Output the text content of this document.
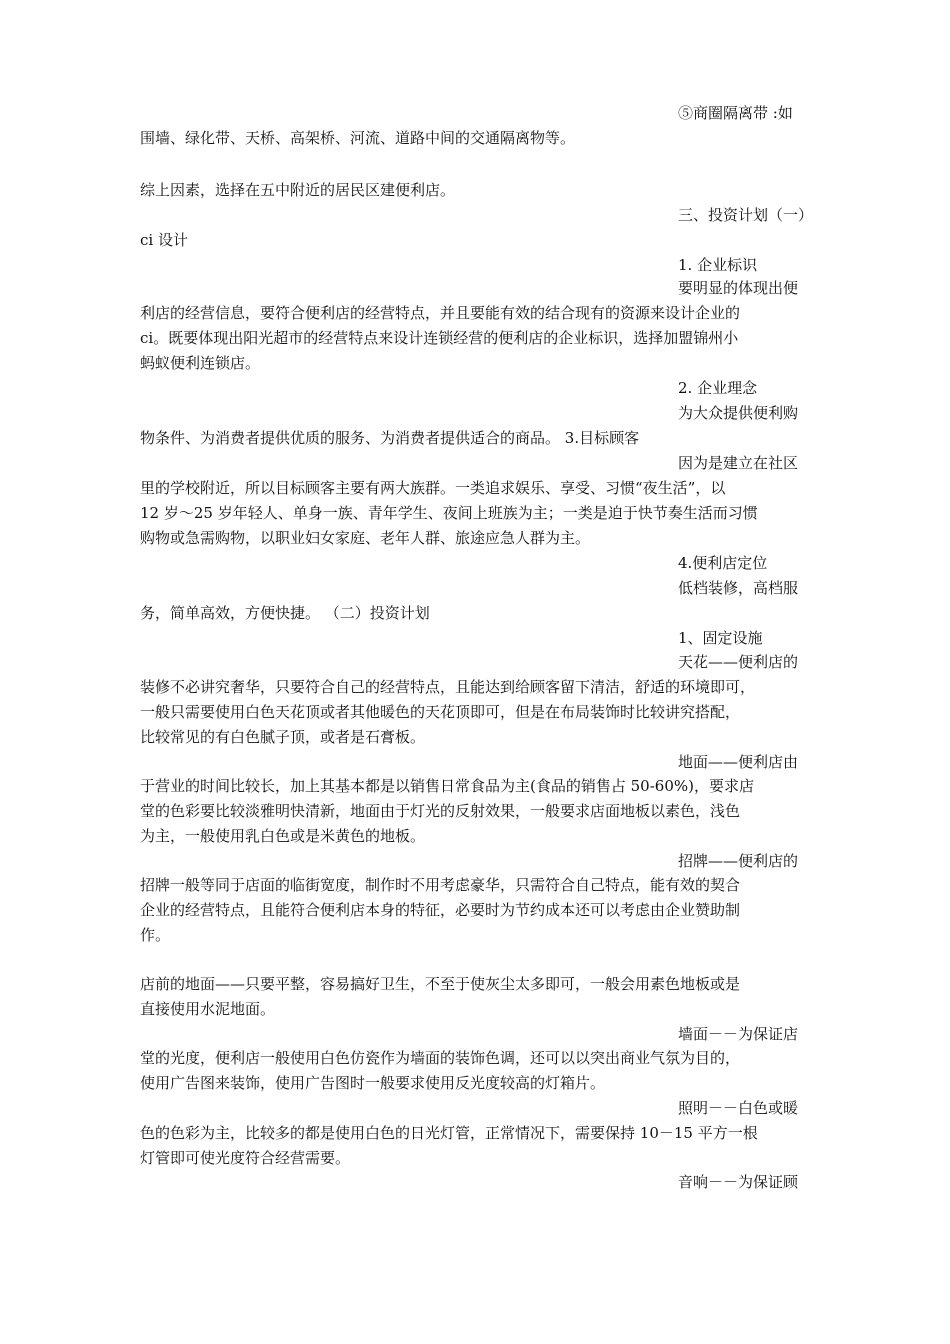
⑤商圈隔离带 :如
围墙、绿化带、天桥、高架桥、河流、道路中间的交通隔离物等。
综上因素，选择在五中附近的居民区建便利店。
三、投资计划（一）
ci 设计
1. 企业标识
要明显的体现出便
利店的经营信息，要符合便利店的经营特点，并且要能有效的结合现有的资源来设计企业的
ci。既要体现出阳光超市的经营特点来设计连锁经营的便利店的企业标识，选择加盟锦州小
蚂蚁便利连锁店。
2. 企业理念
为大众提供便利购
物条件、为消费者提供优质的服务、为消费者提供适合的商品。 3.目标顾客
因为是建立在社区
里的学校附近，所以目标顾客主要有两大族群。一类追求娱乐、享受、习惯“夜生活”，以
12 岁～25 岁年轻人、单身一族、青年学生、夜间上班族为主；一类是迫于快节奏生活而习惯
购物或急需购物，以职业妇女家庭、老年人群、旅途应急人群为主。
4.便利店定位
低档装修，高档服
务，简单高效，方便快捷。 （二）投资计划
1、固定设施
天花——便利店的
装修不必讲究奢华，只要符合自己的经营特点，且能达到给顾客留下清洁，舒适的环境即可，
一般只需要使用白色天花顶或者其他暖色的天花顶即可，但是在布局装饰时比较讲究搭配，
比较常见的有白色腻子顶，或者是石膏板。
地面——便利店由
于营业的时间比较长，加上其基本都是以销售日常食品为主(食品的销售占 50-60%)，要求店
堂的色彩要比较淡雅明快清新，地面由于灯光的反射效果，一般要求店面地板以素色，浅色
为主，一般使用乳白色或是米黄色的地板。
招牌——便利店的
招牌一般等同于店面的临街宽度，制作时不用考虑豪华，只需符合自己特点，能有效的契合
企业的经营特点，且能符合便利店本身的特征，必要时为节约成本还可以考虑由企业赞助制
作。
店前的地面——只要平整，容易搞好卫生，不至于使灰尘太多即可，一般会用素色地板或是
直接使用水泥地面。
墙面－－为保证店
堂的光度，便利店一般使用白色仿瓷作为墙面的装饰色调，还可以以突出商业气氛为目的，
使用广告图来装饰，使用广告图时一般要求使用反光度较高的灯箱片。
照明－－白色或暖
色的色彩为主，比较多的都是使用白色的日光灯管，正常情况下，需要保持 10－15 平方一根
灯管即可使光度符合经营需要。
音响－－为保证顾
